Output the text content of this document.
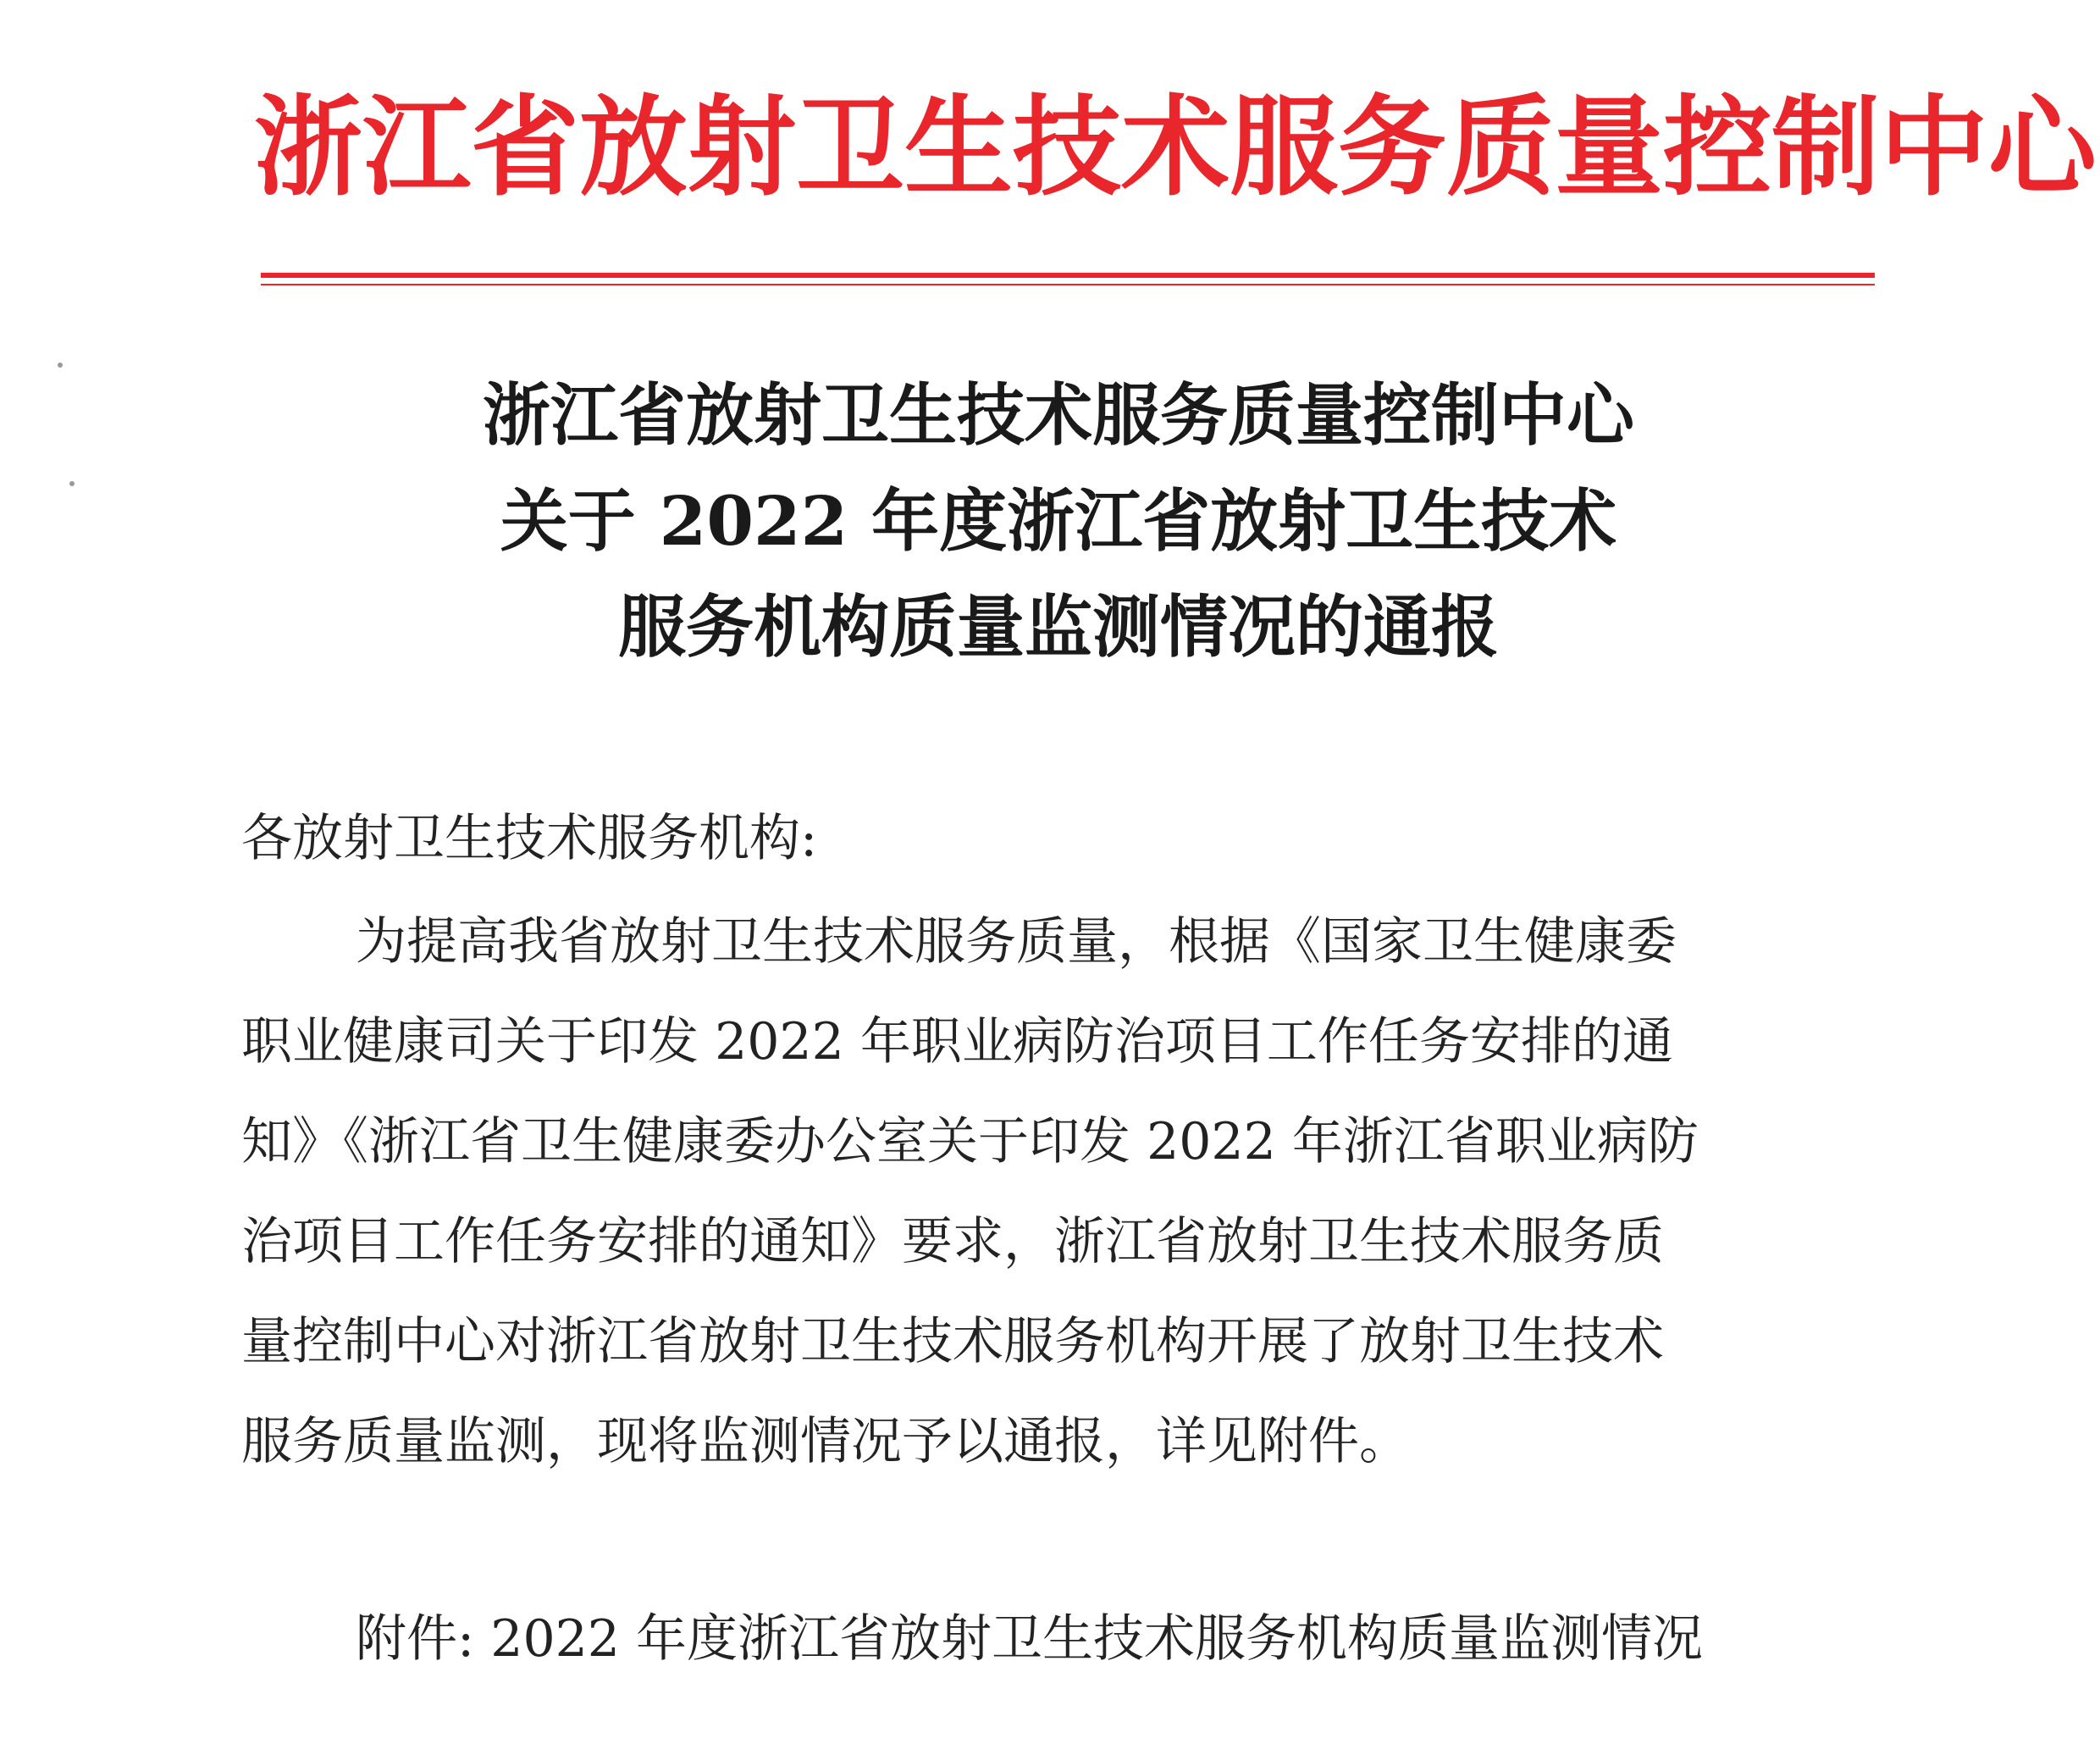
浙江省放射卫生技术服务质量控制中心
浙江省放射卫生技术服务质量控制中心
关于 2022 年度浙江省放射卫生技术
服务机构质量监测情况的通报
各放射卫生技术服务机构:
为提高我省放射卫生技术服务质量，根据《国家卫生健康委
职业健康司关于印发 2022 年职业病防治项目工作任务安排的通
知》《浙江省卫生健康委办公室关于印发 2022 年浙江省职业病防
治项目工作任务安排的通知》要求，浙江省放射卫生技术服务质
量控制中心对浙江省放射卫生技术服务机构开展了放射卫生技术
服务质量监测，现将监测情况予以通报，详见附件。
附件: 2022 年度浙江省放射卫生技术服务机构质量监测情况
